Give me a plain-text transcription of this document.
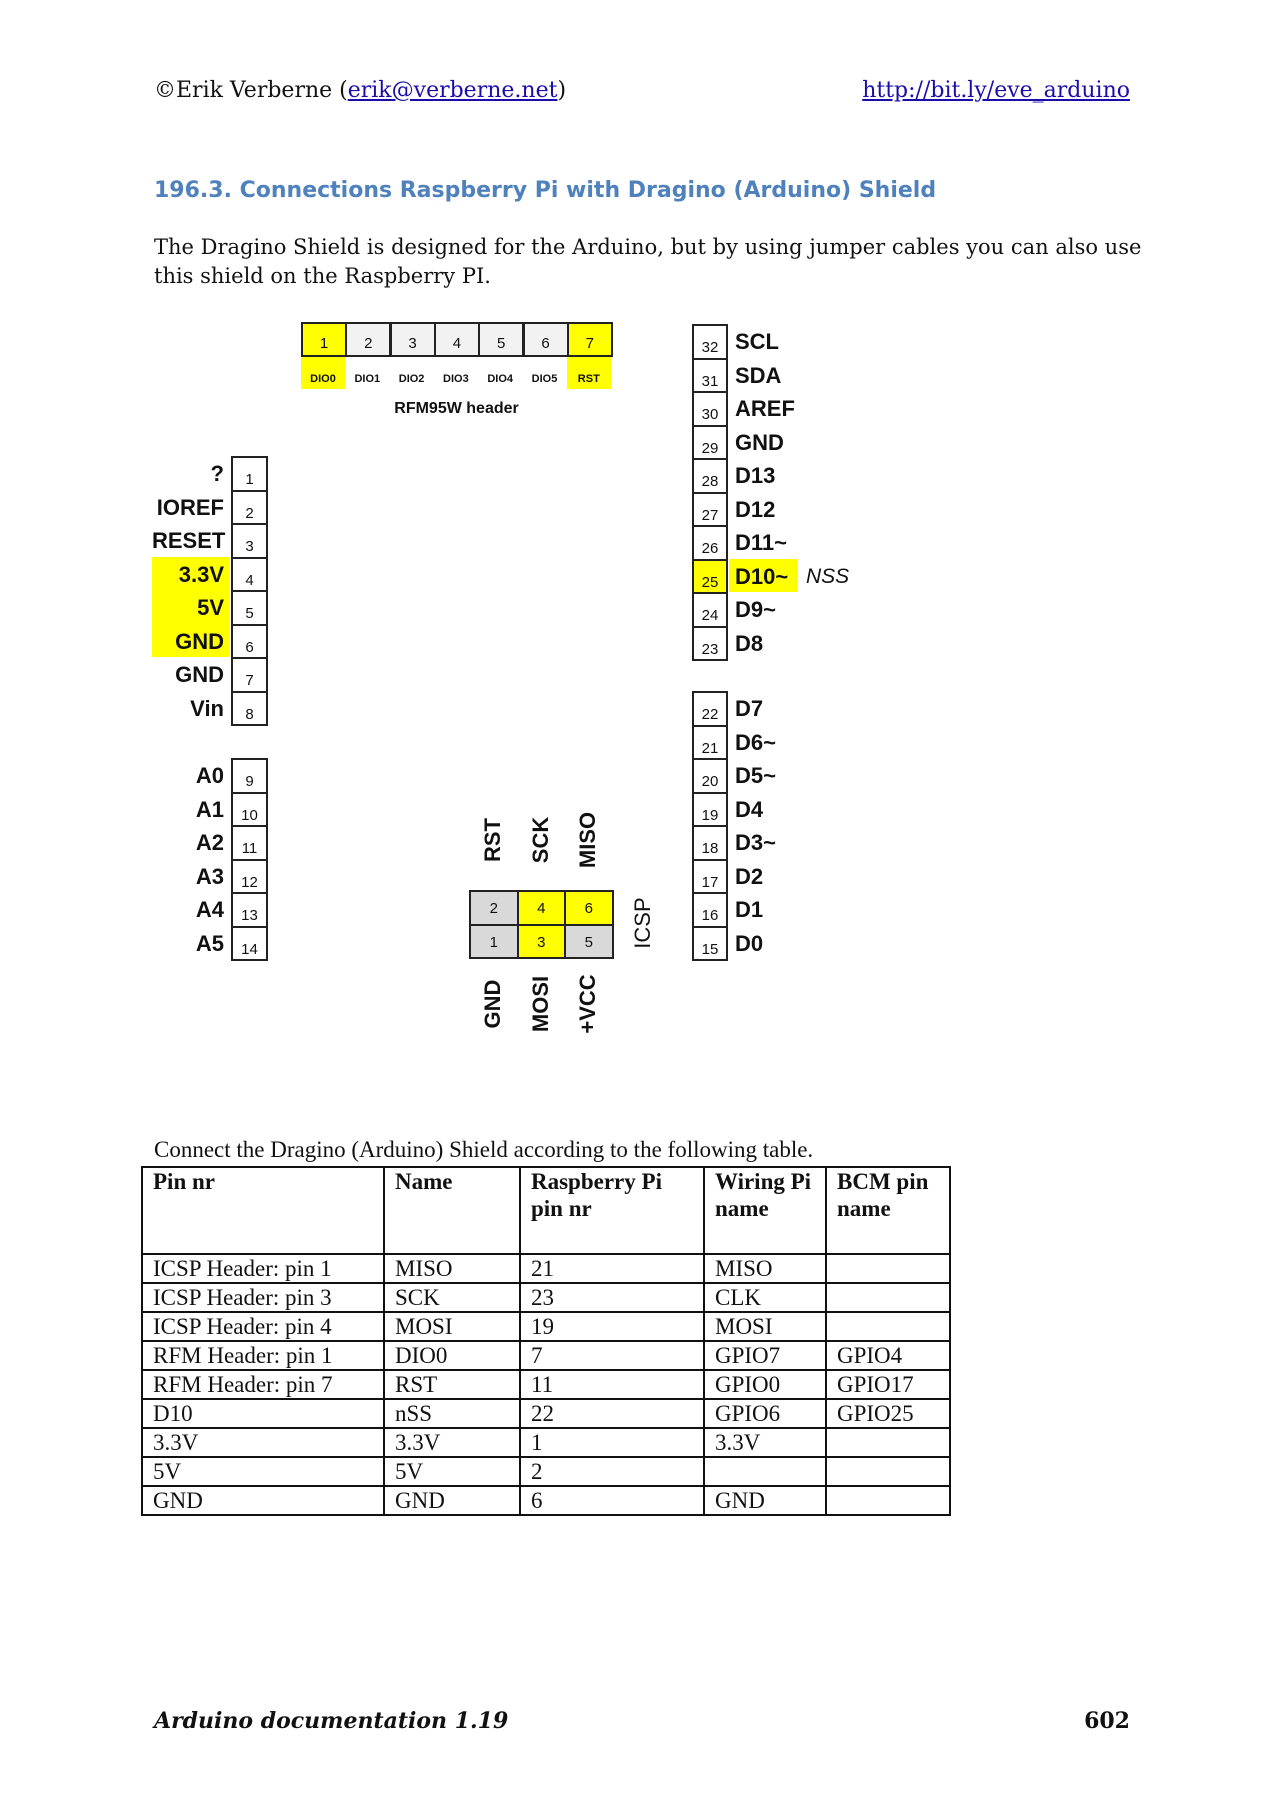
©Erik Verberne (erik@verberne.net)	http://bit.ly/eve_arduino
196.3. Connections Raspberry Pi with Dragino (Arduino) Shield
The Dragino Shield is designed for the Arduino, but by using jumper cables you can also use this shield on the Raspberry PI.
1
DIO0
2
DIO1
3
DIO2
4
DIO3
5
DIO4
6
DIO5
7
RST
RFM95W header
1
?
2
IOREF
3
RESET
4
3.3V
5
5V
6
GND
7
GND
8
Vin
9
A0
10
A1
11
A2
12
A3
13
A4
14
A5
32 SCL
31 SDA
30 AREF
29 GND
28 D13
27 D12
26 D11~
25 D10~ NSS
24 D9~
23 D8
22 D7
21 D6~
20 D5~
19 D4
18 D3~
17 D2
16 D1
15 D0
2
RST
4
SCK
6
MISO
1
GND
3
MOSI
5
+VCC
ICSP
Connect the Dragino (Arduino) Shield according to the following table.
Pin nr	Name	Raspberry Pi pin nr	Wiring Pi name	BCM pin name
ICSP Header: pin 1	MISO	21	MISO	
ICSP Header: pin 3	SCK	23	CLK	
ICSP Header: pin 4	MOSI	19	MOSI	
RFM Header: pin 1	DIO0	7	GPIO7	GPIO4
RFM Header: pin 7	RST	11	GPIO0	GPIO17
D10	nSS	22	GPIO6	GPIO25
3.3V	3.3V	1	3.3V	
5V	5V	2		
GND	GND	6	GND	
Arduino documentation 1.19	602
